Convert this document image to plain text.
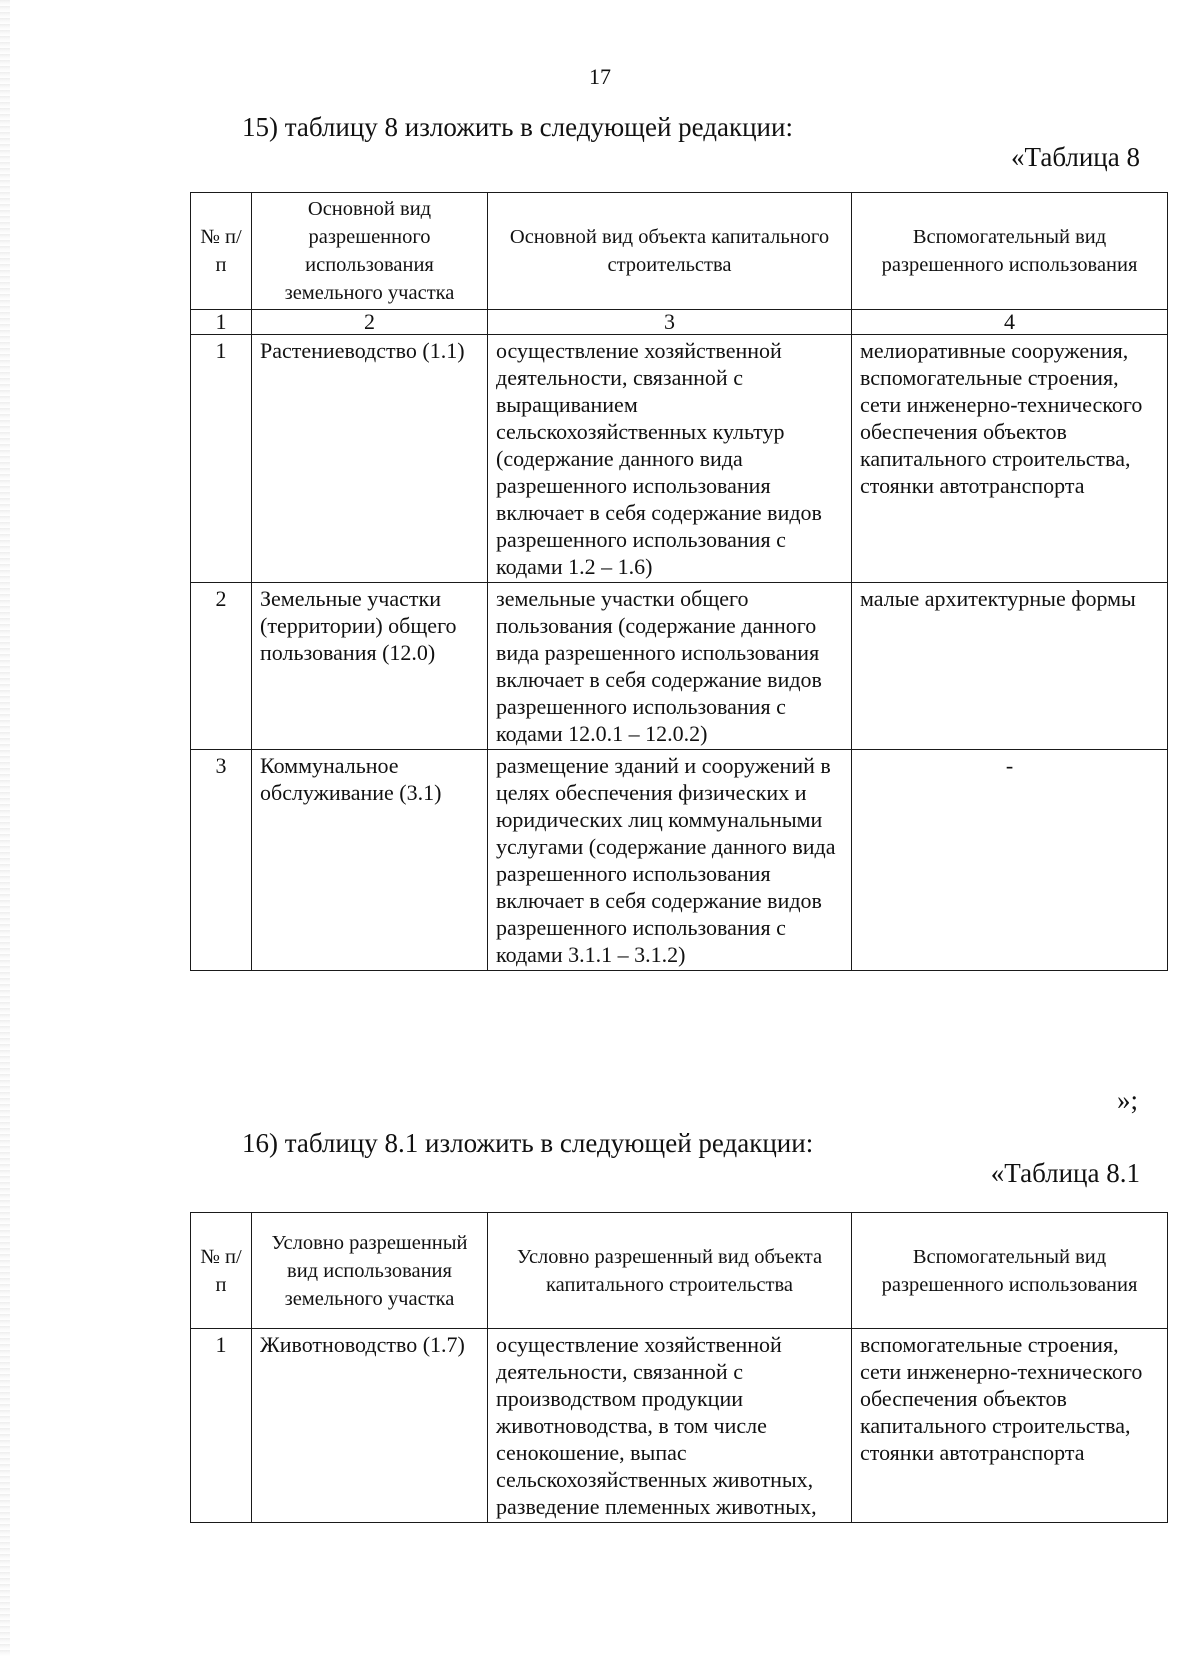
17
15) таблицу 8 изложить в следующей редакции:
«Таблица 8
№ п/п	Основной вид разрешенного использования земельного участка	Основной вид объекта капитального строительства	Вспомогательный вид разрешенного использования
1	2	3	4
1	Растениеводство (1.1)	осуществление хозяйственной деятельности, связанной с выращиванием сельскохозяйственных культур (содержание данного вида разрешенного использования включает в себя содержание видов разрешенного использования с кодами 1.2 – 1.6)	мелиоративные сооружения, вспомогательные строения, сети инженерно-технического обеспечения объектов капитального строительства, стоянки автотранспорта
2	Земельные участки (территории) общего пользования (12.0)	земельные участки общего пользования (содержание данного вида разрешенного использования включает в себя содержание видов разрешенного использования с кодами 12.0.1 – 12.0.2)	малые архитектурные формы
3	Коммунальное обслуживание (3.1)	размещение зданий и сооружений в целях обеспечения физических и юридических лиц коммунальными услугами (содержание данного вида разрешенного использования включает в себя содержание видов разрешенного использования с кодами 3.1.1 – 3.1.2)	-
»;
16) таблицу 8.1 изложить в следующей редакции:
«Таблица 8.1
№ п/п	Условно разрешенный вид использования земельного участка	Условно разрешенный вид объекта капитального строительства	Вспомогательный вид разрешенного использования
1	Животноводство (1.7)	осуществление хозяйственной деятельности, связанной с производством продукции животноводства, в том числе сенокошение, выпас сельскохозяйственных животных, разведение племенных животных,	вспомогательные строения, сети инженерно-технического обеспечения объектов капитального строительства, стоянки автотранспорта
